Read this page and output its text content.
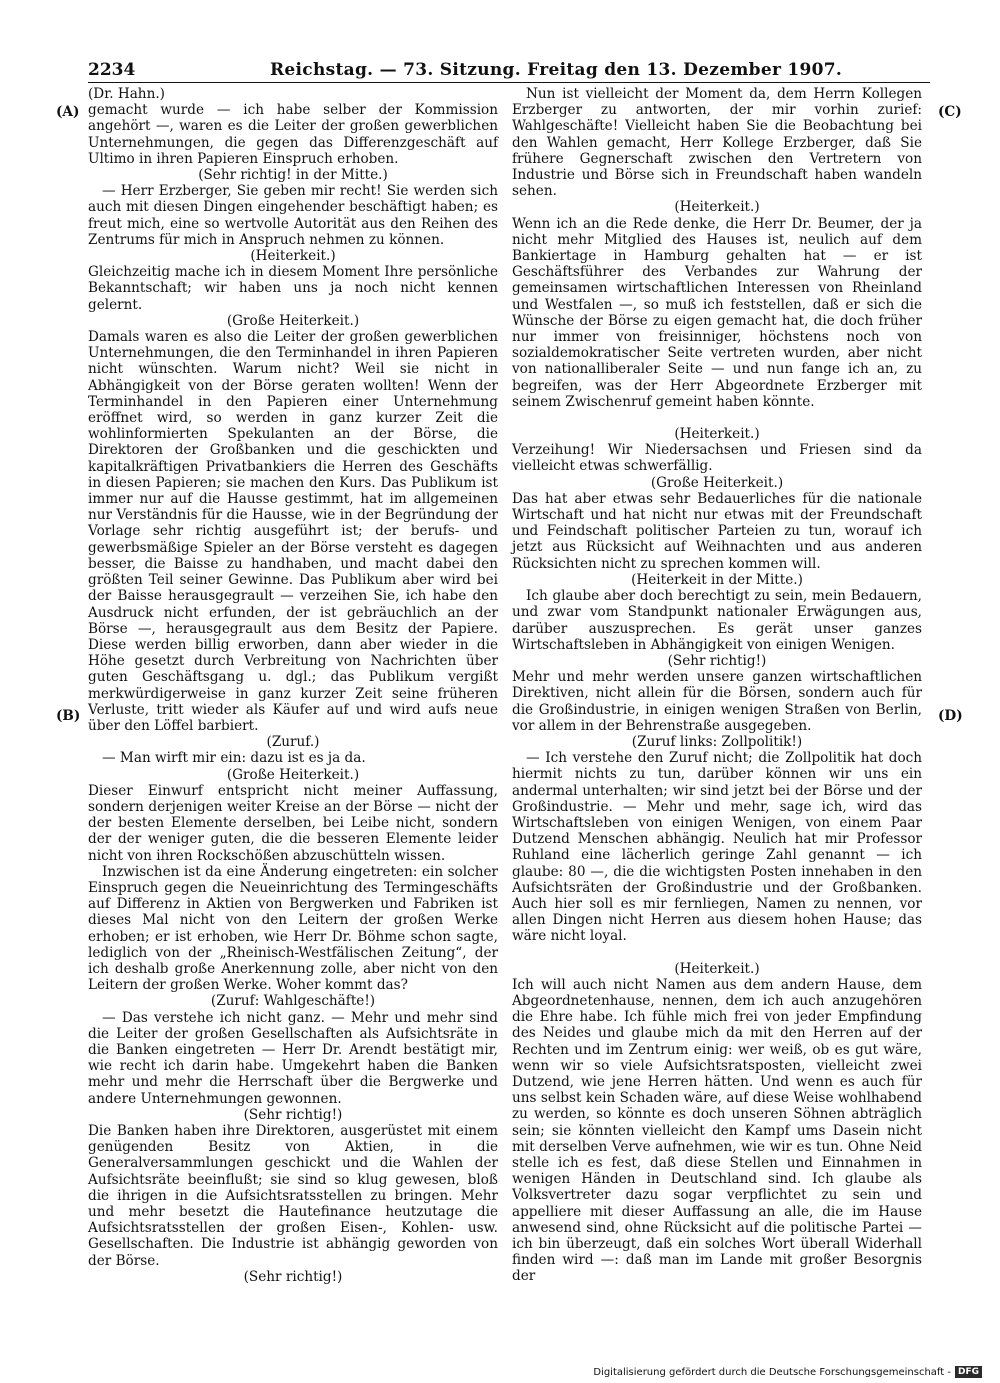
2234	Reichstag. — 73. Sitzung. Freitag den 13. Dezember 1907.

(Dr. Hahn.)

gemacht wurde — ich habe selber der Kommission angehört —, waren es die Leiter der großen gewerblichen Unternehmungen, die gegen das Differenzgeschäft auf Ultimo in ihren Papieren Einspruch erhoben.

(Sehr richtig! in der Mitte.)

— Herr Erzberger, Sie geben mir recht! Sie werden sich auch mit diesen Dingen eingehender beschäftigt haben; es freut mich, eine so wertvolle Autorität aus den Reihen des Zentrums für mich in Anspruch nehmen zu können.

(Heiterkeit.)

Gleichzeitig mache ich in diesem Moment Ihre persönliche Bekanntschaft; wir haben uns ja noch nicht kennen gelernt.

(Große Heiterkeit.)

Damals waren es also die Leiter der großen gewerblichen Unternehmungen, die den Terminhandel in ihren Papieren nicht wünschten. Warum nicht? Weil sie nicht in Abhängigkeit von der Börse geraten wollten! Wenn der Terminhandel in den Papieren einer Unternehmung eröffnet wird, so werden in ganz kurzer Zeit die wohlinformierten Spekulanten an der Börse, die Direktoren der Großbanken und die geschickten und kapitalkräftigen Privatbankiers die Herren des Geschäfts in diesen Papieren; sie machen den Kurs. Das Publikum ist immer nur auf die Hausse gestimmt, hat im allgemeinen nur Verständnis für die Hausse, wie in der Begründung der Vorlage sehr richtig ausgeführt ist; der berufs- und gewerbsmäßige Spieler an der Börse versteht es dagegen besser, die Baisse zu handhaben, und macht dabei den größten Teil seiner Gewinne. Das Publikum aber wird bei der Baisse herausgegrault — verzeihen Sie, ich habe den Ausdruck nicht erfunden, der ist gebräuchlich an der Börse —, herausgegrault aus dem Besitz der Papiere. Diese werden billig erworben, dann aber wieder in die Höhe gesetzt durch Verbreitung von Nachrichten über guten Geschäftsgang u. dgl.; das Publikum vergißt merkwürdigerweise in ganz kurzer Zeit seine früheren Verluste, tritt wieder als Käufer auf und wird aufs neue über den Löffel barbiert.

(Zuruf.)

— Man wirft mir ein: dazu ist es ja da.

(Große Heiterkeit.)

Dieser Einwurf entspricht nicht meiner Auffassung, sondern derjenigen weiter Kreise an der Börse — nicht der der besten Elemente derselben, bei Leibe nicht, sondern der der weniger guten, die die besseren Elemente leider nicht von ihren Rockschößen abzuschütteln wissen.

Inzwischen ist da eine Änderung eingetreten: ein solcher Einspruch gegen die Neueinrichtung des Termingeschäfts auf Differenz in Aktien von Bergwerken und Fabriken ist dieses Mal nicht von den Leitern der großen Werke erhoben; er ist erhoben, wie Herr Dr. Böhme schon sagte, lediglich von der „Rheinisch-Westfälischen Zeitung“, der ich deshalb große Anerkennung zolle, aber nicht von den Leitern der großen Werke. Woher kommt das?

(Zuruf: Wahlgeschäfte!)

— Das verstehe ich nicht ganz. — Mehr und mehr sind die Leiter der großen Gesellschaften als Aufsichtsräte in die Banken eingetreten — Herr Dr. Arendt bestätigt mir, wie recht ich darin habe. Umgekehrt haben die Banken mehr und mehr die Herrschaft über die Bergwerke und andere Unternehmungen gewonnen.

(Sehr richtig!)

Die Banken haben ihre Direktoren, ausgerüstet mit einem genügenden Besitz von Aktien, in die Generalversammlungen geschickt und die Wahlen der Aufsichtsräte beeinflußt; sie sind so klug gewesen, bloß die ihrigen in die Aufsichtsratsstellen zu bringen. Mehr und mehr besetzt die Hautefinance heutzutage die Aufsichtsratsstellen der großen Eisen-, Kohlen- usw. Gesellschaften. Die Industrie ist abhängig geworden von der Börse.

(Sehr richtig!)

Nun ist vielleicht der Moment da, dem Herrn Kollegen Erzberger zu antworten, der mir vorhin zurief: Wahlgeschäfte! Vielleicht haben Sie die Beobachtung bei den Wahlen gemacht, Herr Kollege Erzberger, daß Sie frühere Gegnerschaft zwischen den Vertretern von Industrie und Börse sich in Freundschaft haben wandeln sehen.

(Heiterkeit.)

Wenn ich an die Rede denke, die Herr Dr. Beumer, der ja nicht mehr Mitglied des Hauses ist, neulich auf dem Bankiertage in Hamburg gehalten hat — er ist Geschäftsführer des Verbandes zur Wahrung der gemeinsamen wirtschaftlichen Interessen von Rheinland und Westfalen —, so muß ich feststellen, daß er sich die Wünsche der Börse zu eigen gemacht hat, die doch früher nur immer von freisinniger, höchstens noch von sozialdemokratischer Seite vertreten wurden, aber nicht von nationalliberaler Seite — und nun fange ich an, zu begreifen, was der Herr Abgeordnete Erzberger mit seinem Zwischenruf gemeint haben könnte.

(Heiterkeit.)

Verzeihung! Wir Niedersachsen und Friesen sind da vielleicht etwas schwerfällig.

(Große Heiterkeit.)

Das hat aber etwas sehr Bedauerliches für die nationale Wirtschaft und hat nicht nur etwas mit der Freundschaft und Feindschaft politischer Parteien zu tun, worauf ich jetzt aus Rücksicht auf Weihnachten und aus anderen Rücksichten nicht zu sprechen kommen will.

(Heiterkeit in der Mitte.)

Ich glaube aber doch berechtigt zu sein, mein Bedauern, und zwar vom Standpunkt nationaler Erwägungen aus, darüber auszusprechen. Es gerät unser ganzes Wirtschaftsleben in Abhängigkeit von einigen Wenigen.

(Sehr richtig!)

Mehr und mehr werden unsere ganzen wirtschaftlichen Direktiven, nicht allein für die Börsen, sondern auch für die Großindustrie, in einigen wenigen Straßen von Berlin, vor allem in der Behrenstraße ausgegeben.

(Zuruf links: Zollpolitik!)

— Ich verstehe den Zuruf nicht; die Zollpolitik hat doch hiermit nichts zu tun, darüber können wir uns ein andermal unterhalten; wir sind jetzt bei der Börse und der Großindustrie. — Mehr und mehr, sage ich, wird das Wirtschaftsleben von einigen Wenigen, von einem Paar Dutzend Menschen abhängig. Neulich hat mir Professor Ruhland eine lächerlich geringe Zahl genannt — ich glaube: 80 —, die die wichtigsten Posten innehaben in den Aufsichtsräten der Großindustrie und der Großbanken. Auch hier soll es mir fernliegen, Namen zu nennen, vor allen Dingen nicht Herren aus diesem hohen Hause; das wäre nicht loyal.

(Heiterkeit.)

Ich will auch nicht Namen aus dem andern Hause, dem Abgeordnetenhause, nennen, dem ich auch anzugehören die Ehre habe. Ich fühle mich frei von jeder Empfindung des Neides und glaube mich da mit den Herren auf der Rechten und im Zentrum einig: wer weiß, ob es gut wäre, wenn wir so viele Aufsichtsratsposten, vielleicht zwei Dutzend, wie jene Herren hätten. Und wenn es auch für uns selbst kein Schaden wäre, auf diese Weise wohlhabend zu werden, so könnte es doch unseren Söhnen abträglich sein; sie könnten vielleicht den Kampf ums Dasein nicht mit derselben Verve aufnehmen, wie wir es tun. Ohne Neid stelle ich es fest, daß diese Stellen und Einnahmen in wenigen Händen in Deutschland sind. Ich glaube als Volksvertreter dazu sogar verpflichtet zu sein und appelliere mit dieser Auffassung an alle, die im Hause anwesend sind, ohne Rücksicht auf die politische Partei — ich bin überzeugt, daß ein solches Wort überall Widerhall finden wird —: daß man im Lande mit großer Besorgnis der

(A)
(B)
(C)
(D)
Digitalisierung gefördert durch die Deutsche Forschungsgemeinschaft - DFG
